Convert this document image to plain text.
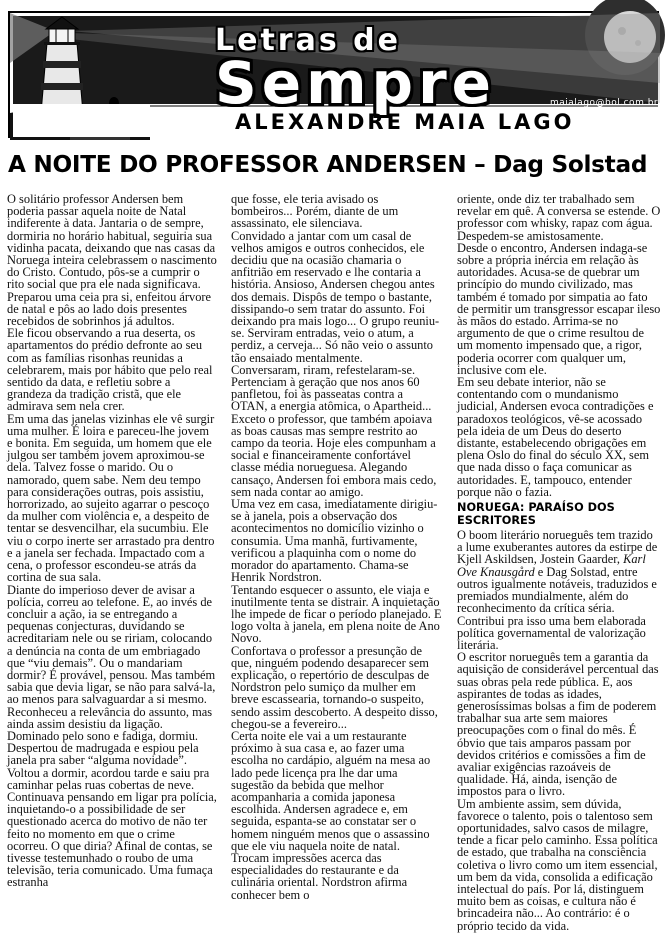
Letras de
Sempre	maialago@bol.com.br
ALEXANDRE MAIA LAGO
A NOITE DO PROFESSOR ANDERSEN – Dag Solstad

O solitário professor Andersen bem poderia passar aquela noite de Natal indiferente à data. Jantaria o de sempre, dormiria no horário habitual, seguiria sua vidinha pacata, deixando que nas casas da Noruega inteira celebrassem o nascimento do Cristo. Contudo, pôs-se a cumprir o rito social que pra ele nada significava. Preparou uma ceia pra si, enfeitou árvore de natal e pôs ao lado dois presentes recebidos de sobrinhos já adultos.

Ele ficou observando a rua deserta, os apartamentos do prédio defronte ao seu com as famílias risonhas reunidas a celebrarem, mais por hábito que pelo real sentido da data, e refletiu sobre a grandeza da tradição cristã, que ele admirava sem nela crer.

Em uma das janelas vizinhas ele vê surgir uma mulher. É loira e pareceu-lhe jovem e bonita. Em seguida, um homem que ele julgou ser também jovem aproximou-se dela. Talvez fosse o marido. Ou o namorado, quem sabe. Nem deu tempo para considerações outras, pois assistiu, horrorizado, ao sujeito agarrar o pescoço da mulher com violência e, a despeito de tentar se desvencilhar, ela sucumbiu. Ele viu o corpo inerte ser arrastado pra dentro e a janela ser fechada. Impactado com a cena, o professor escondeu-se atrás da cortina de sua sala.

Diante do imperioso dever de avisar a polícia, correu ao telefone. E, ao invés de concluir a ação, ia se entregando a pequenas conjecturas, duvidando se acreditariam nele ou se ririam, colocando a denúncia na conta de um embriagado que “viu demais”. Ou o mandariam dormir? É provável, pensou. Mas também sabia que devia ligar, se não para salvá-la, ao menos para salvaguardar a si mesmo. Reconheceu a relevância do assunto, mas ainda assim desistiu da ligação.

Dominado pelo sono e fadiga, dormiu. Despertou de madrugada e espiou pela janela pra saber “alguma novidade”. Voltou a dormir, acordou tarde e saiu pra caminhar pelas ruas cobertas de neve. Continuava pensando em ligar pra polícia, inquietando-o a possibilidade de ser questionado acerca do motivo de não ter feito no momento em que o crime ocorreu. O que diria? Afinal de contas, se tivesse testemunhado o roubo de uma televisão, teria comunicado. Uma fumaça estranha

que fosse, ele teria avisado os bombeiros... Porém, diante de um assassinato, ele silenciava.

Convidado a jantar com um casal de velhos amigos e outros conhecidos, ele decidiu que na ocasião chamaria o anfitrião em reservado e lhe contaria a história. Ansioso, Andersen chegou antes dos demais. Dispôs de tempo o bastante, dissipando-o sem tratar do assunto. Foi deixando pra mais logo... O grupo reuniu-se. Serviram entradas, veio o atum, a perdiz, a cerveja... Só não veio o assunto tão ensaiado mentalmente.

Conversaram, riram, refestelaram-se. Pertenciam à geração que nos anos 60 panfletou, foi às passeatas contra a OTAN, a energia atômica, o Apartheid... Exceto o professor, que também apoiava as boas causas mas sempre restrito ao campo da teoria. Hoje eles compunham a social e financeiramente confortável classe média norueguesa. Alegando cansaço, Andersen foi embora mais cedo, sem nada contar ao amigo.

Uma vez em casa, imediatamente dirigiu-se à janela, pois a observação dos acontecimentos no domicílio vizinho o consumia. Uma manhã, furtivamente, verificou a plaquinha com o nome do morador do apartamento. Chama-se Henrik Nordstron.

Tentando esquecer o assunto, ele viaja e inutilmente tenta se distrair. A inquietação lhe impede de ficar o período planejado. E logo volta à janela, em plena noite de Ano Novo.

Confortava o professor a presunção de que, ninguém podendo desaparecer sem explicação, o repertório de desculpas de Nordstron pelo sumiço da mulher em breve escassearia, tornando-o suspeito, sendo assim descoberto. A despeito disso, chegou-se a fevereiro...

Certa noite ele vai a um restaurante próximo à sua casa e, ao fazer uma escolha no cardápio, alguém na mesa ao lado pede licença pra lhe dar uma sugestão da bebida que melhor acompanharia a comida japonesa escolhida. Andersen agradece e, em seguida, espanta-se ao constatar ser o homem ninguém menos que o assassino que ele viu naquela noite de natal.

Trocam impressões acerca das especialidades do restaurante e da culinária oriental. Nordstron afirma conhecer bem o

oriente, onde diz ter trabalhado sem revelar em quê. A conversa se estende. O professor com whisky, rapaz com água. Despedem-se amistosamente.

Desde o encontro, Andersen indaga-se sobre a própria inércia em relação às autoridades. Acusa-se de quebrar um princípio do mundo civilizado, mas também é tomado por simpatia ao fato de permitir um transgressor escapar ileso às mãos do estado. Arrima-se no argumento de que o crime resultou de um momento impensado que, a rigor, poderia ocorrer com qualquer um, inclusive com ele.

Em seu debate interior, não se contentando com o mundanismo judicial, Andersen evoca contradições e paradoxos teológicos, vê-se acossado pela ideia de um Deus do deserto distante, estabelecendo obrigações em plena Oslo do final do século XX, sem que nada disso o faça comunicar as autoridades. E, tampouco, entender porque não o fazia.

NORUEGA: PARAÍSO DOS ESCRITORES

O boom literário norueguês tem trazido a lume exuberantes autores da estirpe de Kjell Askildsen, Jostein Gaarder, Karl Ove Knausgård e Dag Solstad, entre outros igualmente notáveis, traduzidos e premiados mundialmente, além do reconhecimento da crítica séria. Contribui pra isso uma bem elaborada política governamental de valorização literária.

O escritor norueguês tem a garantia da aquisição de considerável percentual das suas obras pela rede pública. E, aos aspirantes de todas as idades, generosíssimas bolsas a fim de poderem trabalhar sua arte sem maiores preocupações com o final do mês. É óbvio que tais amparos passam por devidos critérios e comissões a fim de avaliar exigências razoáveis de qualidade. Há, ainda, isenção de impostos para o livro.

Um ambiente assim, sem dúvida, favorece o talento, pois o talentoso sem oportunidades, salvo casos de milagre, tende a ficar pelo caminho. Essa política de estado, que trabalha na consciência coletiva o livro como um item essencial, um bem da vida, consolida a edificação intelectual do país. Por lá, distinguem muito bem as coisas, e cultura não é brincadeira não... Ao contrário: é o próprio tecido da vida.
